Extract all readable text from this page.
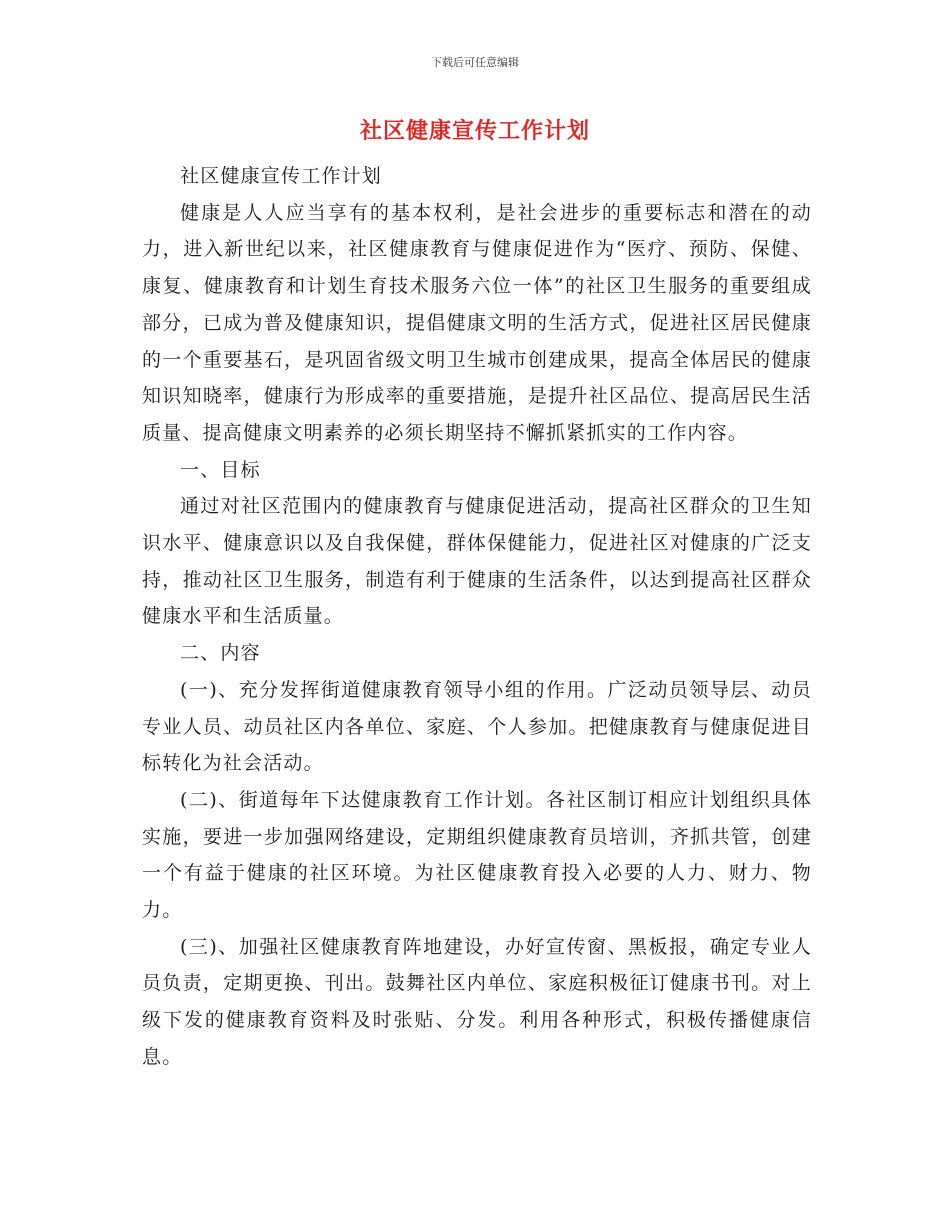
下载后可任意编辑
社区健康宣传工作计划

社区健康宣传工作计划

健康是人人应当享有的基本权利，是社会进步的重要标志和潜在的动力，进入新世纪以来，社区健康教育与健康促进作为“医疗、预防、保健、康复、健康教育和计划生育技术服务六位一体”的社区卫生服务的重要组成部分，已成为普及健康知识，提倡健康文明的生活方式，促进社区居民健康的一个重要基石，是巩固省级文明卫生城市创建成果，提高全体居民的健康知识知晓率，健康行为形成率的重要措施，是提升社区品位、提高居民生活质量、提高健康文明素养的必须长期坚持不懈抓紧抓实的工作内容。

一、目标

通过对社区范围内的健康教育与健康促进活动，提高社区群众的卫生知识水平、健康意识以及自我保健，群体保健能力，促进社区对健康的广泛支持，推动社区卫生服务，制造有利于健康的生活条件，以达到提高社区群众健康水平和生活质量。

二、内容

(一)、充分发挥街道健康教育领导小组的作用。广泛动员领导层、动员专业人员、动员社区内各单位、家庭、个人参加。把健康教育与健康促进目标转化为社会活动。

(二)、街道每年下达健康教育工作计划。各社区制订相应计划组织具体实施，要进一步加强网络建设，定期组织健康教育员培训，齐抓共管，创建一个有益于健康的社区环境。为社区健康教育投入必要的人力、财力、物力。

(三)、加强社区健康教育阵地建设，办好宣传窗、黑板报，确定专业人员负责，定期更换、刊出。鼓舞社区内单位、家庭积极征订健康书刊。对上级下发的健康教育资料及时张贴、分发。利用各种形式，积极传播健康信息。
